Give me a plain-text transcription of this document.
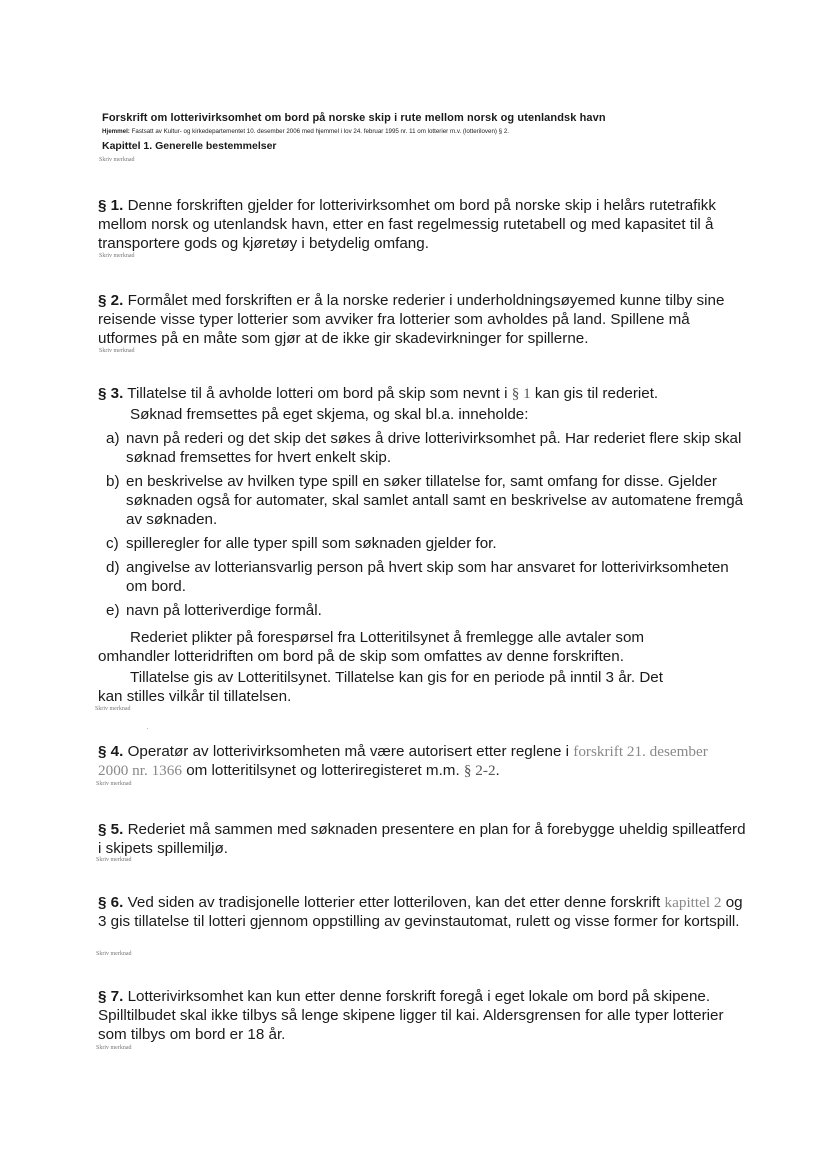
Forskrift om lotterivirksomhet om bord på norske skip i rute mellom norsk og utenlandsk havn
Hjemmel: Fastsatt av Kultur- og kirkedepartementet 10. desember 2006 med hjemmel i lov 24. februar 1995 nr. 11 om lotterier m.v. (lotteriloven) § 2.
Kapittel 1. Generelle bestemmelser
Skriv merknad
§ 1. Denne forskriften gjelder for lotterivirksomhet om bord på norske skip i helårs rutetrafikk mellom norsk og utenlandsk havn, etter en fast regelmessig rutetabell og med kapasitet til å transportere gods og kjøretøy i betydelig omfang.
Skriv merknad
§ 2. Formålet med forskriften er å la norske rederier i underholdningsøyemed kunne tilby sine reisende visse typer lotterier som avviker fra lotterier som avholdes på land. Spillene må utformes på en måte som gjør at de ikke gir skadevirkninger for spillerne.
Skriv merknad
§ 3. Tillatelse til å avholde lotteri om bord på skip som nevnt i § 1 kan gis til rederiet.
Søknad fremsettes på eget skjema, og skal bl.a. inneholde:
a) navn på rederi og det skip det søkes å drive lotterivirksomhet på. Har rederiet flere skip skal søknad fremsettes for hvert enkelt skip.
b) en beskrivelse av hvilken type spill en søker tillatelse for, samt omfang for disse. Gjelder søknaden også for automater, skal samlet antall samt en beskrivelse av automatene fremgå av søknaden.
c) spilleregler for alle typer spill som søknaden gjelder for.
d) angivelse av lotteriansvarlig person på hvert skip som har ansvaret for lotterivirksomheten om bord.
e) navn på lotteriverdige formål.
Rederiet plikter på forespørsel fra Lotteritilsynet å fremlegge alle avtaler som
omhandler lotteridriften om bord på de skip som omfattes av denne forskriften.
Tillatelse gis av Lotteritilsynet. Tillatelse kan gis for en periode på inntil 3 år. Det
kan stilles vilkår til tillatelsen.
Skriv merknad
·
§ 4. Operatør av lotterivirksomheten må være autorisert etter reglene i forskrift 21. desember 2000 nr. 1366 om lotteritilsynet og lotteriregisteret m.m. § 2-2.
Skriv merknad
§ 5. Rederiet må sammen med søknaden presentere en plan for å forebygge uheldig spilleatferd i skipets spillemiljø.
Skriv merknad
§ 6. Ved siden av tradisjonelle lotterier etter lotteriloven, kan det etter denne forskrift kapittel 2 og 3 gis tillatelse til lotteri gjennom oppstilling av gevinstautomat, rulett og visse former for kortspill.
Skriv merknad
§ 7. Lotterivirksomhet kan kun etter denne forskrift foregå i eget lokale om bord på skipene. Spilltilbudet skal ikke tilbys så lenge skipene ligger til kai. Aldersgrensen for alle typer lotterier som tilbys om bord er 18 år.
Skriv merknad
